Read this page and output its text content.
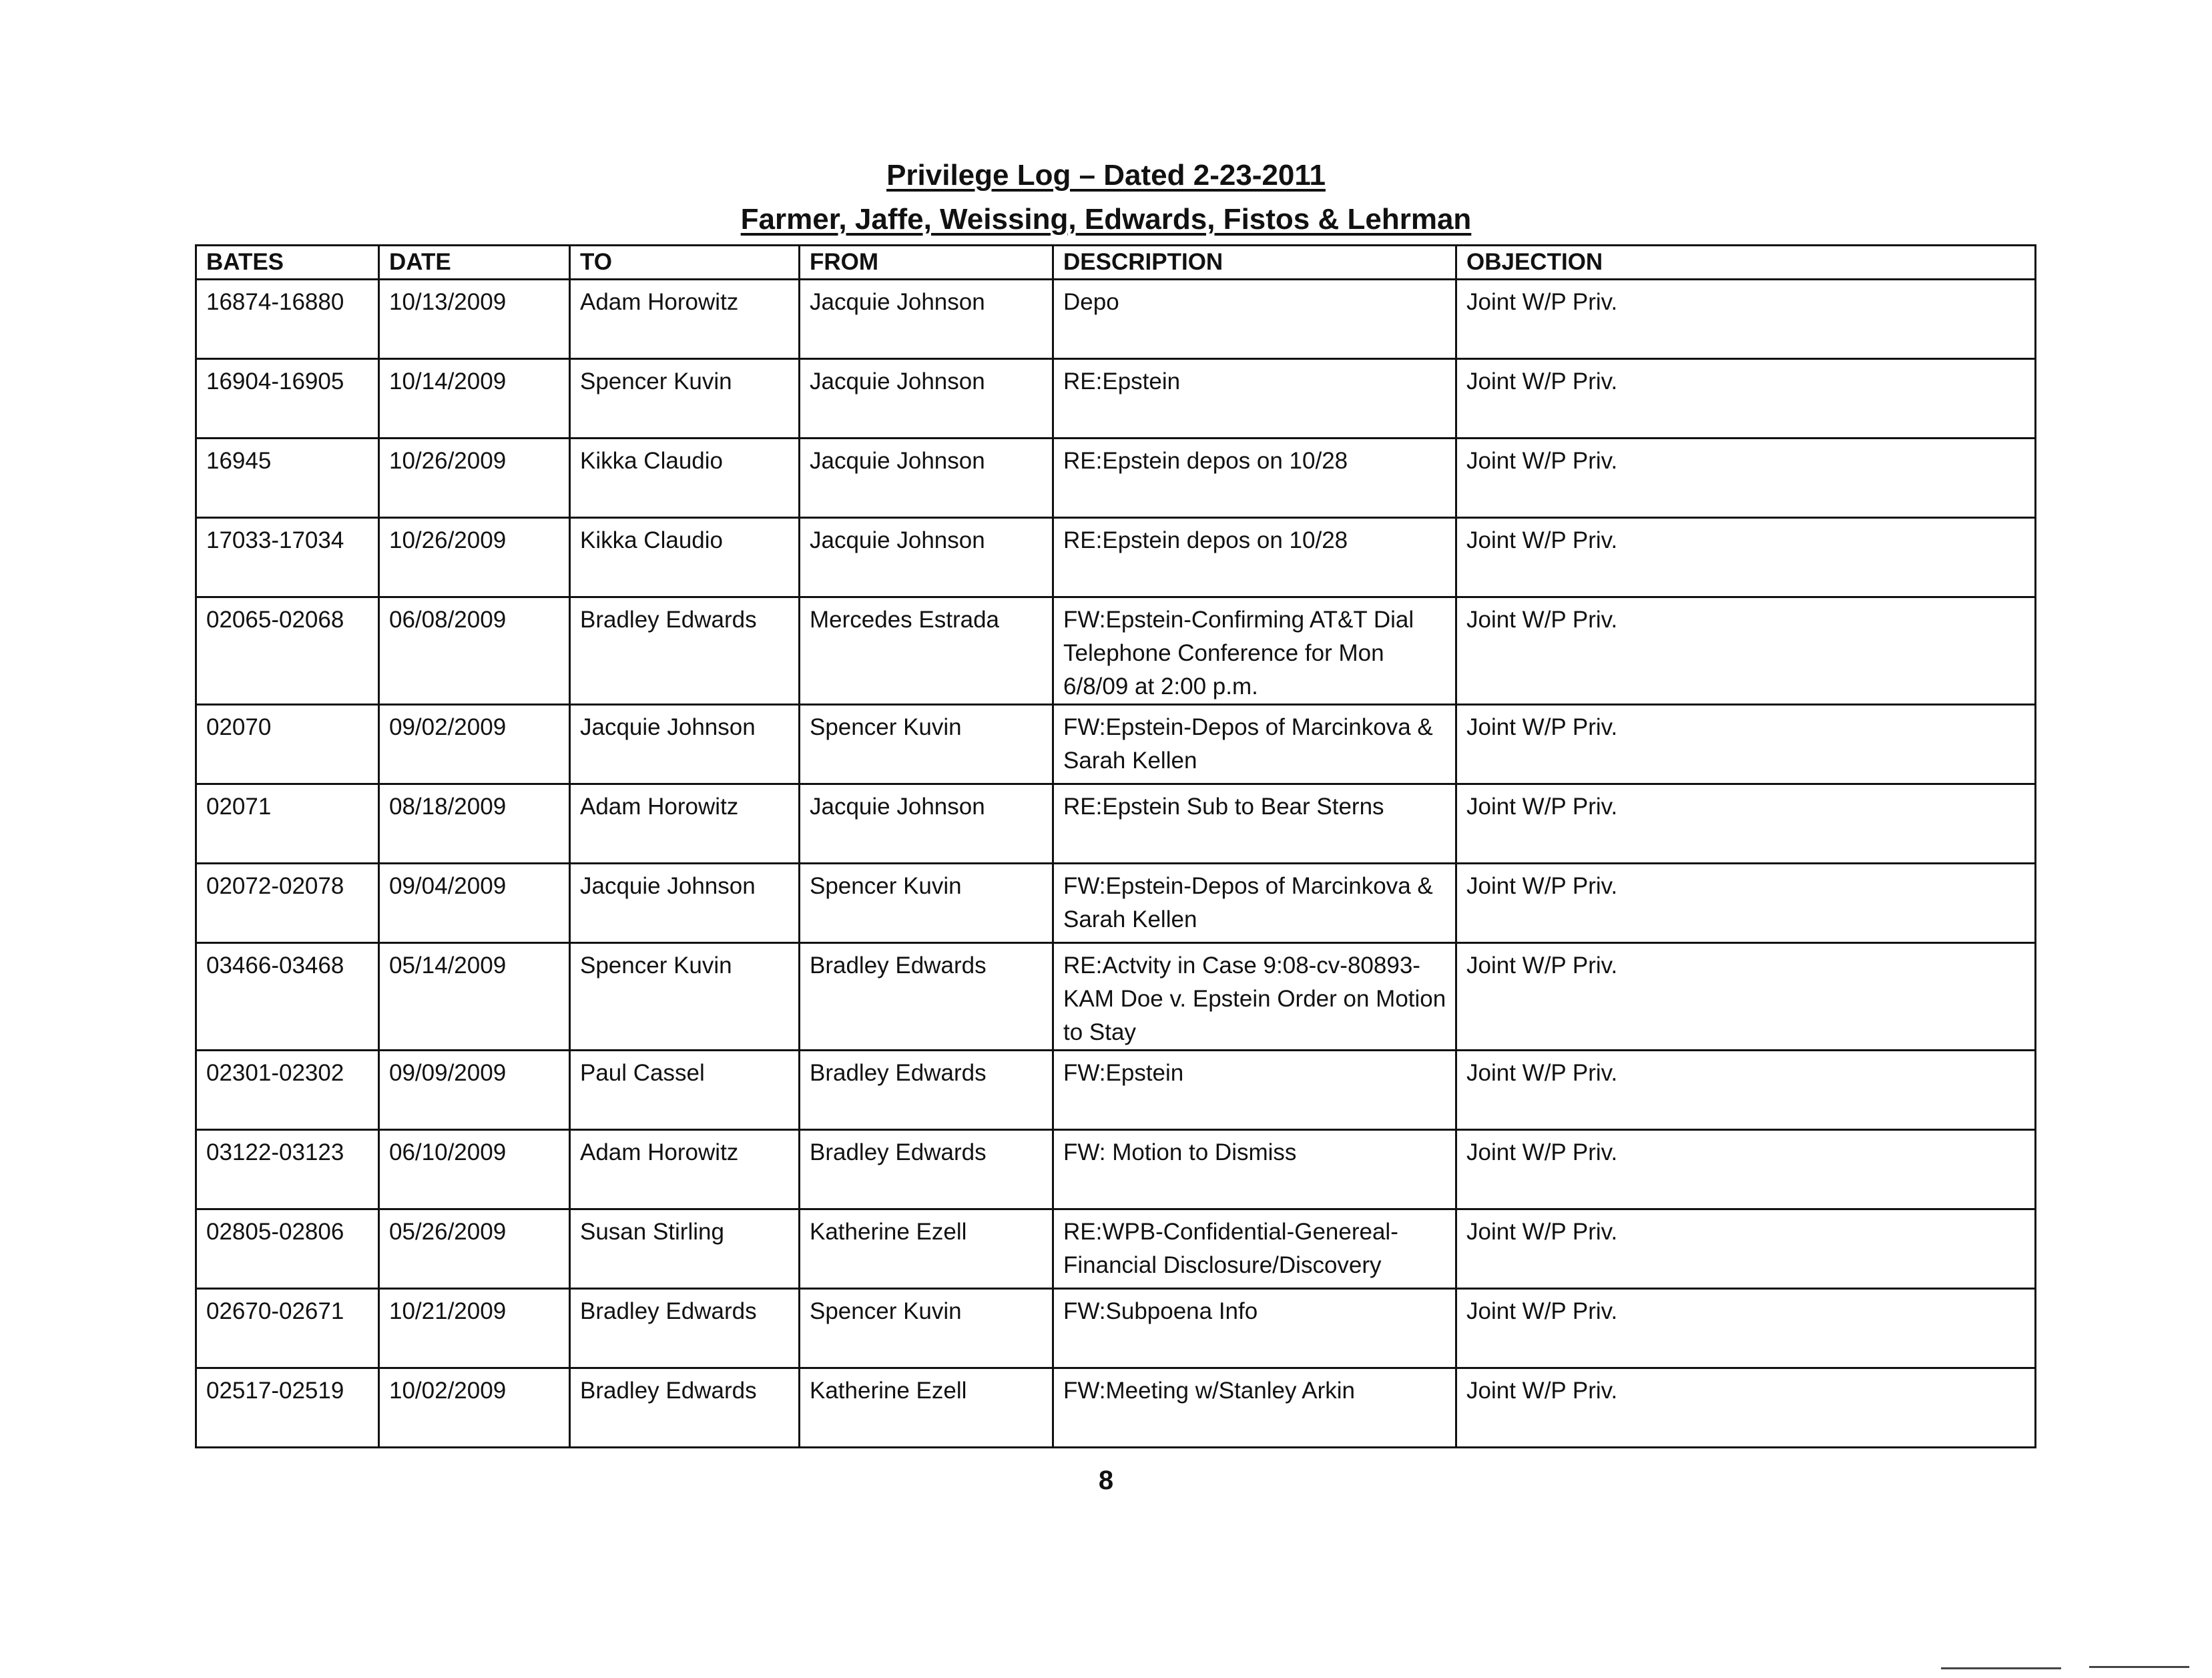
Privilege Log – Dated 2-23-2011
Farmer, Jaffe, Weissing, Edwards, Fistos & Lehrman
BATES	DATE	TO	FROM	DESCRIPTION	OBJECTION
16874-16880	10/13/2009	Adam Horowitz	Jacquie Johnson	Depo	Joint W/P Priv.
16904-16905	10/14/2009	Spencer Kuvin	Jacquie Johnson	RE:Epstein	Joint W/P Priv.
16945	10/26/2009	Kikka Claudio	Jacquie Johnson	RE:Epstein depos on 10/28	Joint W/P Priv.
17033-17034	10/26/2009	Kikka Claudio	Jacquie Johnson	RE:Epstein depos on 10/28	Joint W/P Priv.
02065-02068	06/08/2009	Bradley Edwards	Mercedes Estrada	FW:Epstein-Confirming AT&T Dial Telephone Conference for Mon 6/8/09 at 2:00 p.m.	Joint W/P Priv.
02070	09/02/2009	Jacquie Johnson	Spencer Kuvin	FW:Epstein-Depos of Marcinkova & Sarah Kellen	Joint W/P Priv.
02071	08/18/2009	Adam Horowitz	Jacquie Johnson	RE:Epstein Sub to Bear Sterns	Joint W/P Priv.
02072-02078	09/04/2009	Jacquie Johnson	Spencer Kuvin	FW:Epstein-Depos of Marcinkova & Sarah Kellen	Joint W/P Priv.
03466-03468	05/14/2009	Spencer Kuvin	Bradley Edwards	RE:Actvity in Case 9:08-cv-80893-KAM Doe v. Epstein Order on Motion to Stay	Joint W/P Priv.
02301-02302	09/09/2009	Paul Cassel	Bradley Edwards	FW:Epstein	Joint W/P Priv.
03122-03123	06/10/2009	Adam Horowitz	Bradley Edwards	FW: Motion to Dismiss	Joint W/P Priv.
02805-02806	05/26/2009	Susan Stirling	Katherine Ezell	RE:WPB-Confidential-Genereal-Financial Disclosure/Discovery	Joint W/P Priv.
02670-02671	10/21/2009	Bradley Edwards	Spencer Kuvin	FW:Subpoena Info	Joint W/P Priv.
02517-02519	10/02/2009	Bradley Edwards	Katherine Ezell	FW:Meeting w/Stanley Arkin	Joint W/P Priv.
8
